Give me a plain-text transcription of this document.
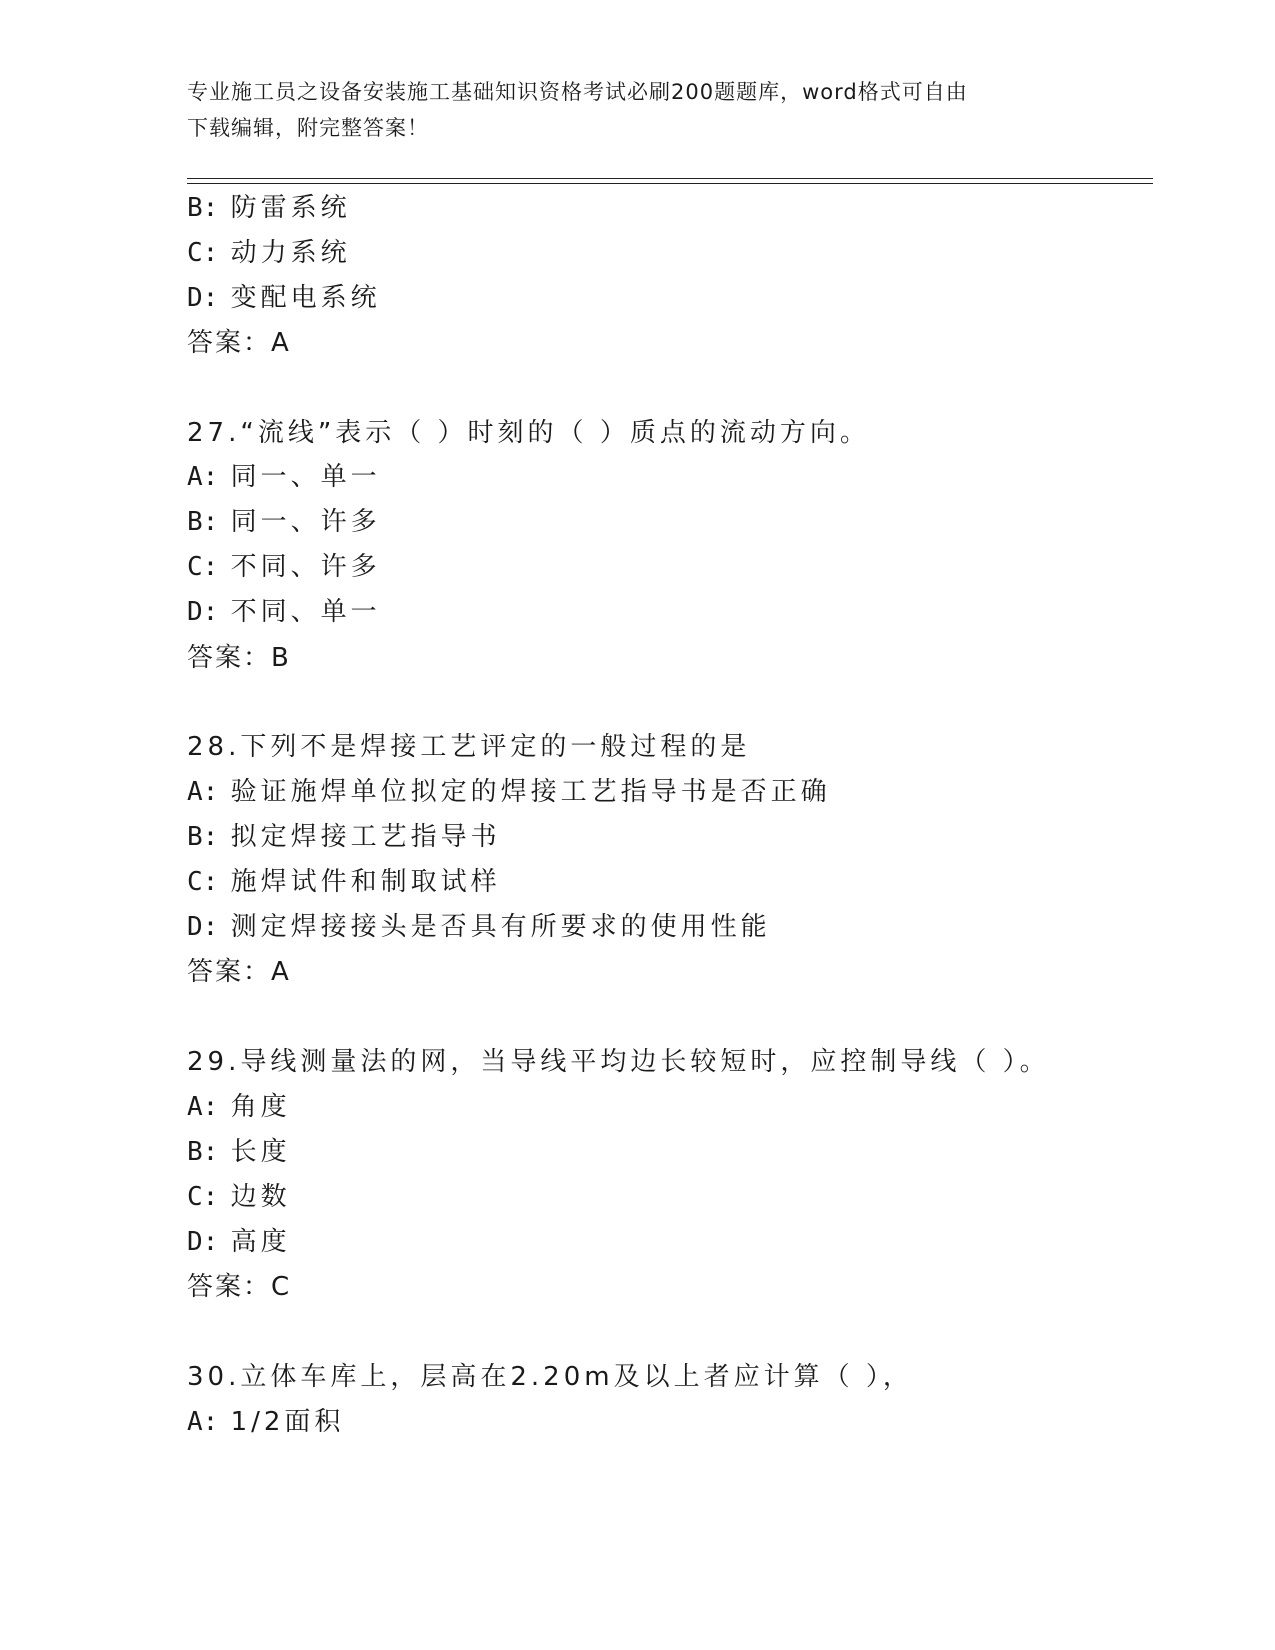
专业施工员之设备安装施工基础知识资格考试必刷200题题库，word格式可自由
下载编辑，附完整答案！
B: 防雷系统
C: 动力系统
D: 变配电系统
答案：A
27.“流线”表示（ ）时刻的（ ）质点的流动方向。
A: 同一、单一
B: 同一、许多
C: 不同、许多
D: 不同、单一
答案：B
28.下列不是焊接工艺评定的一般过程的是
A: 验证施焊单位拟定的焊接工艺指导书是否正确
B: 拟定焊接工艺指导书
C: 施焊试件和制取试样
D: 测定焊接接头是否具有所要求的使用性能
答案：A
29.导线测量法的网，当导线平均边长较短时，应控制导线（ ）。
A: 角度
B: 长度
C: 边数
D: 高度
答案：C
30.立体车库上，层高在2.20m及以上者应计算（ ），
A: 1/2面积
